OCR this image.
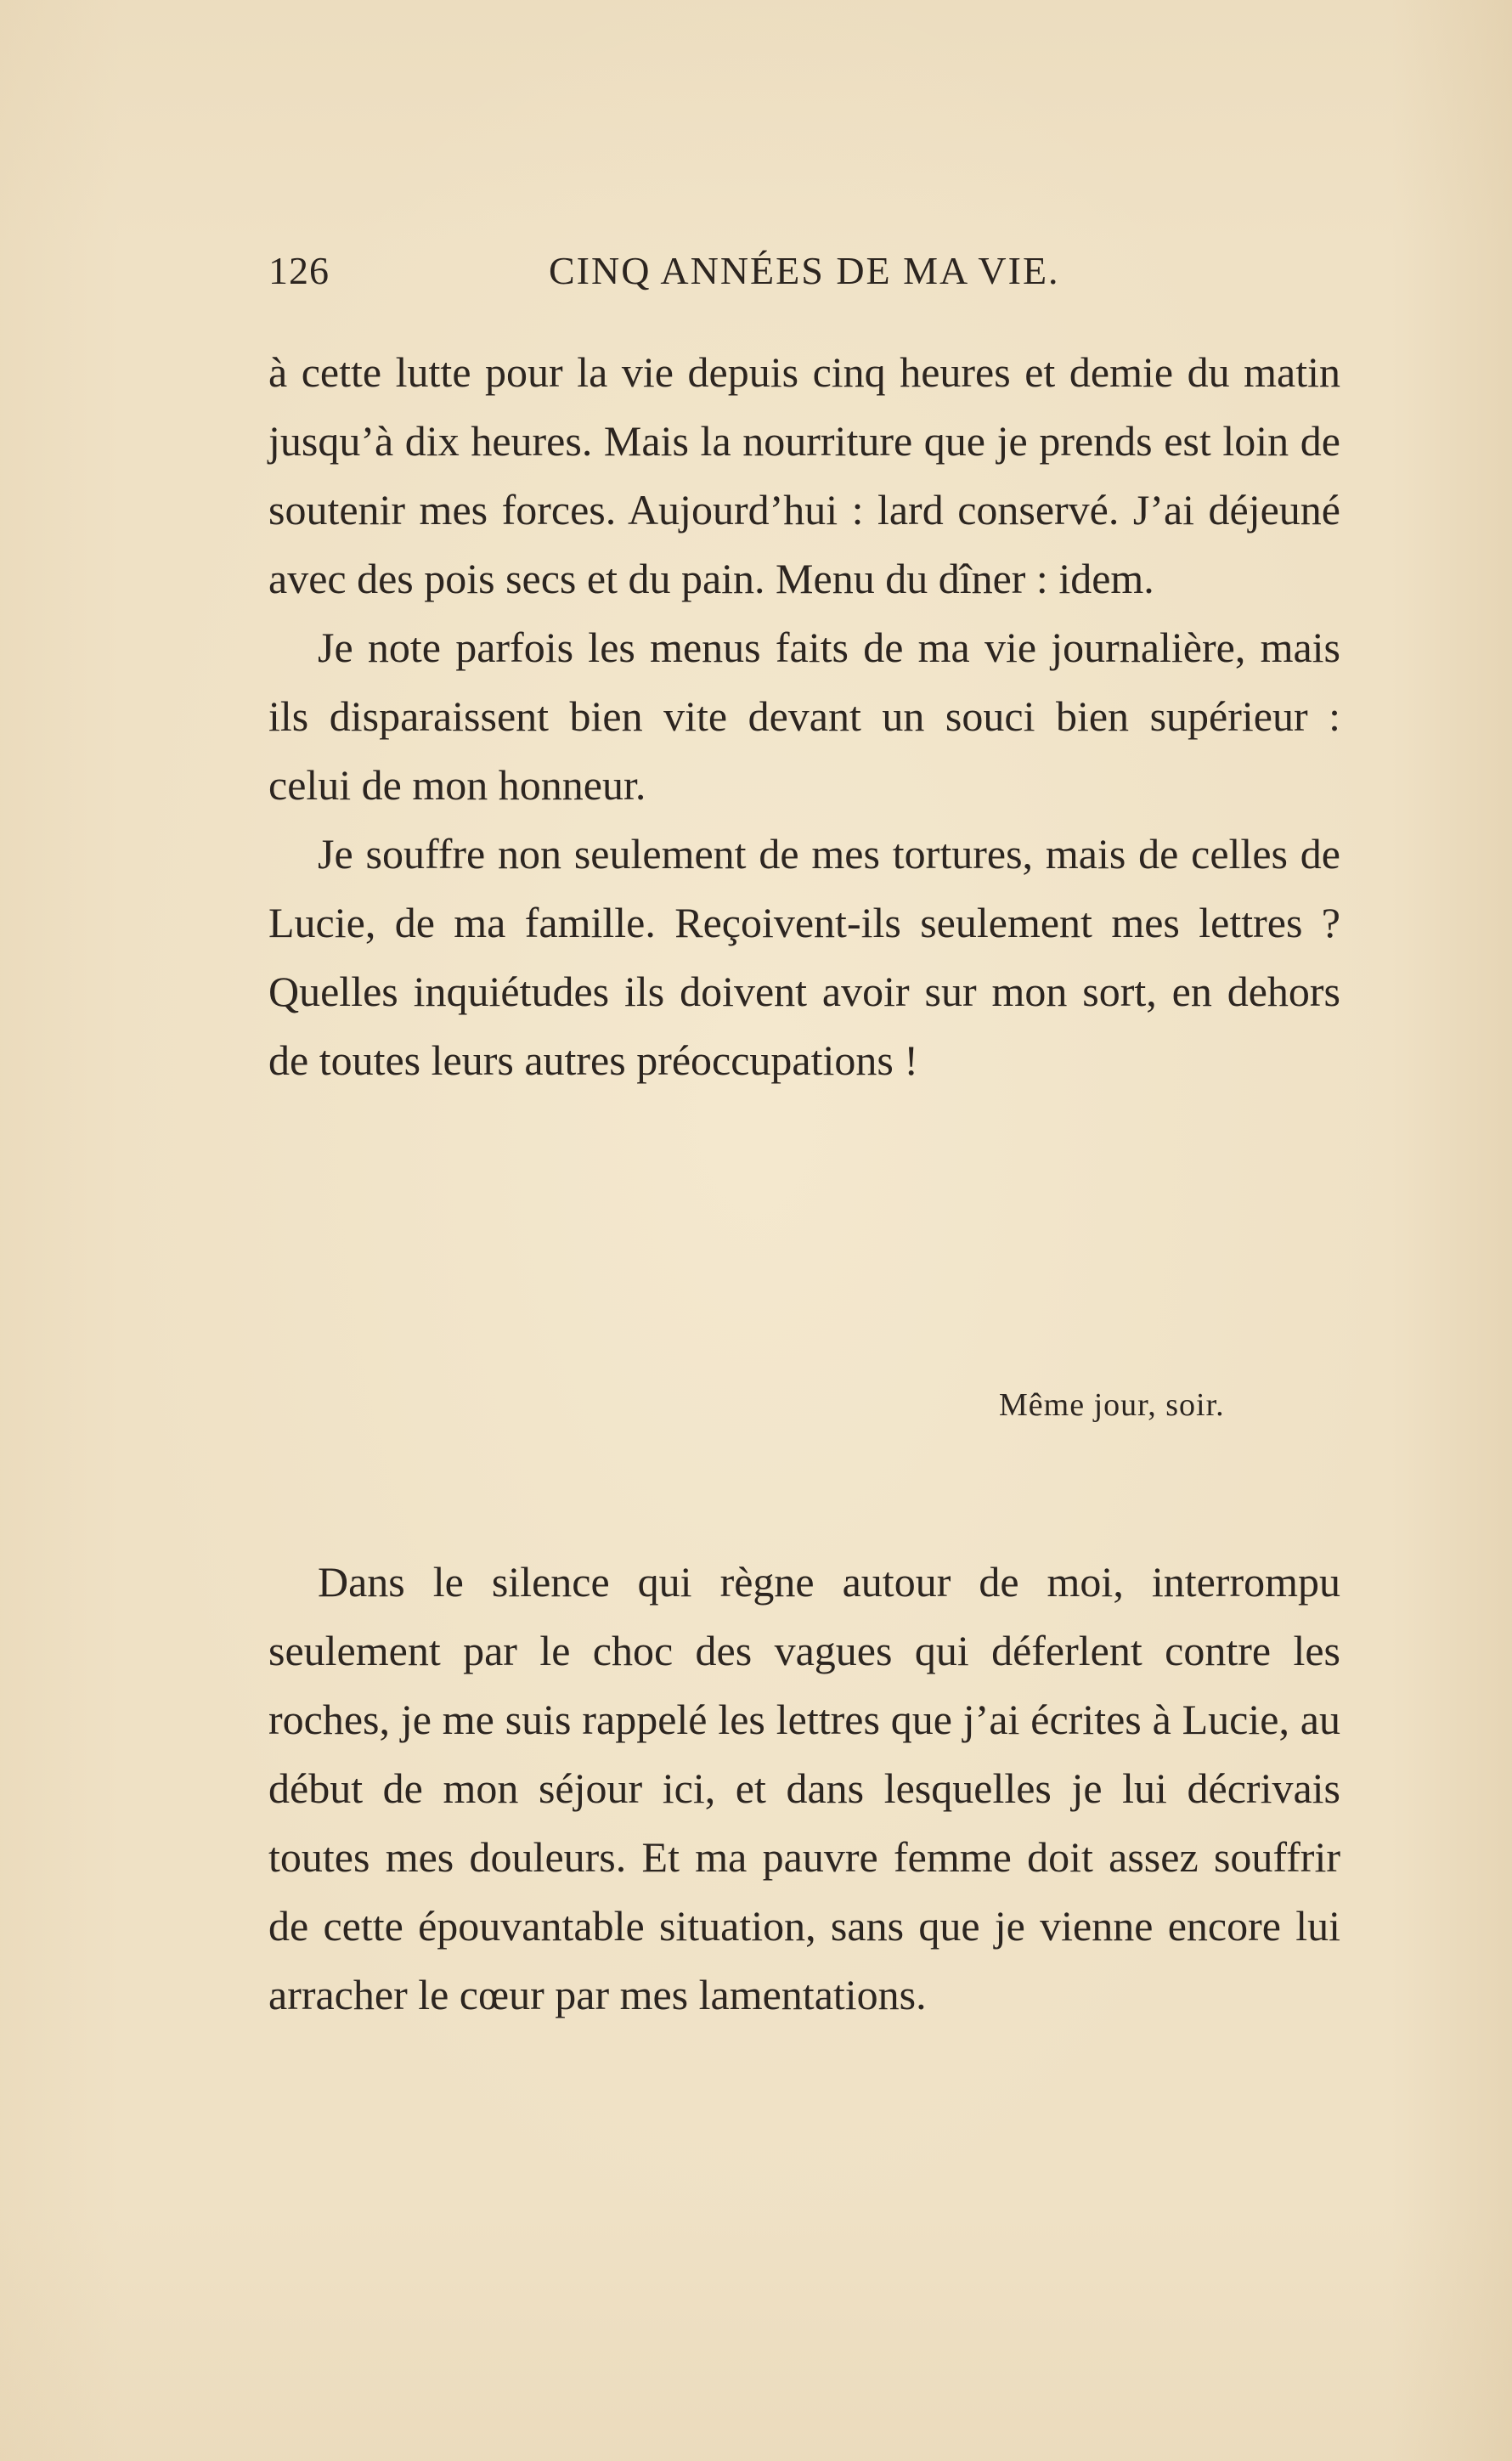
126	CINQ ANNÉES DE MA VIE.

à cette lutte pour la vie depuis cinq heures et demie du matin jusqu’à dix heures. Mais la nourriture que je prends est loin de soutenir mes forces. Aujourd’hui : lard conservé. J’ai déjeuné avec des pois secs et du pain. Menu du dîner : idem.

Je note parfois les menus faits de ma vie journalière, mais ils disparaissent bien vite devant un souci bien supérieur : celui de mon honneur.

Je souffre non seulement de mes tortures, mais de celles de Lucie, de ma famille. Reçoivent-ils seulement mes lettres ? Quelles inquiétudes ils doivent avoir sur mon sort, en dehors de toutes leurs autres préoccupations !

Même jour, soir.

Dans le silence qui règne autour de moi, interrompu seulement par le choc des vagues qui déferlent contre les roches, je me suis rappelé les lettres que j’ai écrites à Lucie, au début de mon séjour ici, et dans lesquelles je lui décrivais toutes mes douleurs. Et ma pauvre femme doit assez souffrir de cette épouvantable situation, sans que je vienne encore lui arracher le cœur par mes lamentations.
